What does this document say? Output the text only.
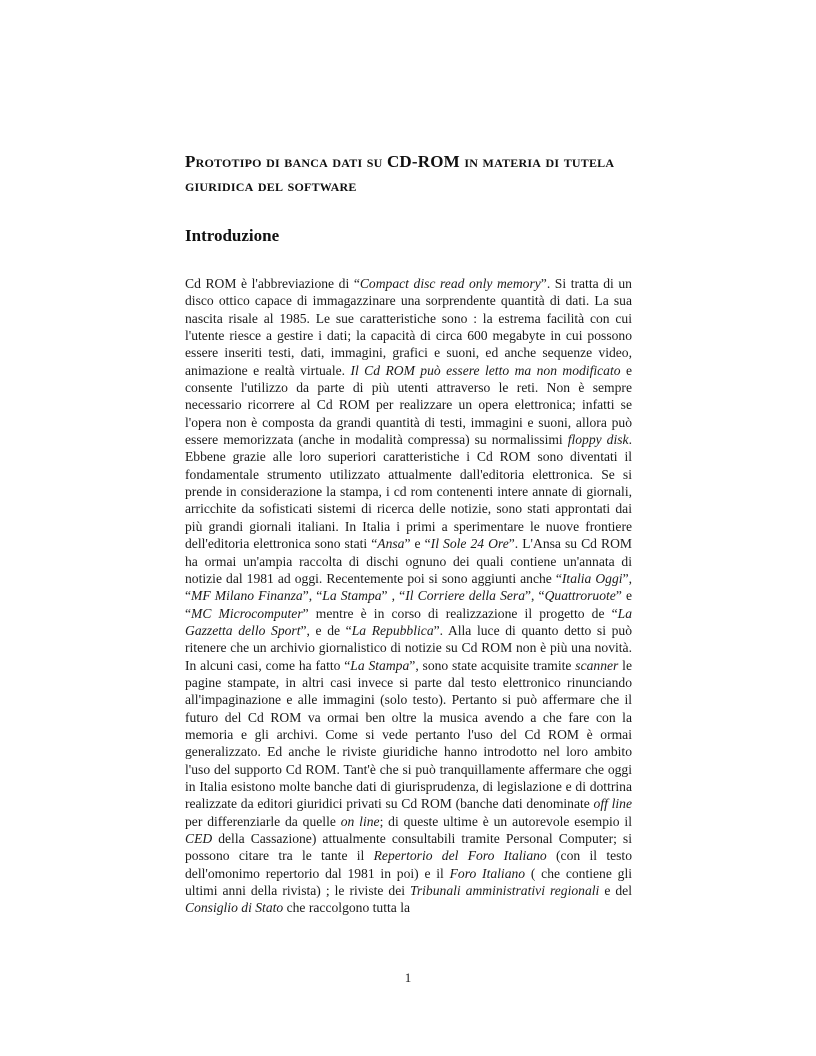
Prototipo di banca dati su CD-ROM in materia di tutela giuridica del software
Introduzione
Cd ROM è l'abbreviazione di “Compact disc read only memory”. Si tratta di un disco ottico capace di immagazzinare una sorprendente quantità di dati. La sua nascita risale al 1985. Le sue caratteristiche sono : la estrema facilità con cui l'utente riesce a gestire i dati; la capacità di circa 600 megabyte in cui possono essere inseriti testi, dati, immagini, grafici e suoni, ed anche sequenze video, animazione e realtà virtuale. Il Cd ROM può essere letto ma non modificato e consente l'utilizzo da parte di più utenti attraverso le reti. Non è sempre necessario ricorrere al Cd ROM per realizzare un opera elettronica; infatti se l'opera non è composta da grandi quantità di testi, immagini e suoni, allora può essere memorizzata (anche in modalità compressa) su normalissimi floppy disk. Ebbene grazie alle loro superiori caratteristiche i Cd ROM sono diventati il fondamentale strumento utilizzato attualmente dall'editoria elettronica. Se si prende in considerazione la stampa, i cd rom contenenti intere annate di giornali, arricchite da sofisticati sistemi di ricerca delle notizie, sono stati approntati dai più grandi giornali italiani. In Italia i primi a sperimentare le nuove frontiere dell'editoria elettronica sono stati “Ansa” e “Il Sole 24 Ore”. L'Ansa su Cd ROM ha ormai un'ampia raccolta di dischi ognuno dei quali contiene un'annata di notizie dal 1981 ad oggi. Recentemente poi si sono aggiunti anche “Italia Oggi”, “MF Milano Finanza”, “La Stampa” , “Il Corriere della Sera”, “Quattroruote” e “MC Microcomputer” mentre è in corso di realizzazione il progetto de “La Gazzetta dello Sport”, e de “La Repubblica”. Alla luce di quanto detto si può ritenere che un archivio giornalistico di notizie su Cd ROM non è più una novità. In alcuni casi, come ha fatto “La Stampa”, sono state acquisite tramite scanner le pagine stampate, in altri casi invece si parte dal testo elettronico rinunciando all'impaginazione e alle immagini (solo testo). Pertanto si può affermare che il futuro del Cd ROM va ormai ben oltre la musica avendo a che fare con la memoria e gli archivi. Come si vede pertanto l'uso del Cd ROM è ormai generalizzato. Ed anche le riviste giuridiche hanno introdotto nel loro ambito l'uso del supporto Cd ROM. Tant'è che si può tranquillamente affermare che oggi in Italia esistono molte banche dati di giurisprudenza, di legislazione e di dottrina realizzate da editori giuridici privati su Cd ROM (banche dati denominate off line per differenziarle da quelle on line; di queste ultime è un autorevole esempio il CED della Cassazione) attualmente consultabili tramite Personal Computer; si possono citare tra le tante il Repertorio del Foro Italiano (con il testo dell'omonimo repertorio dal 1981 in poi) e il Foro Italiano ( che contiene gli ultimi anni della rivista) ; le riviste dei Tribunali amministrativi regionali e del Consiglio di Stato che raccolgono tutta la
1
